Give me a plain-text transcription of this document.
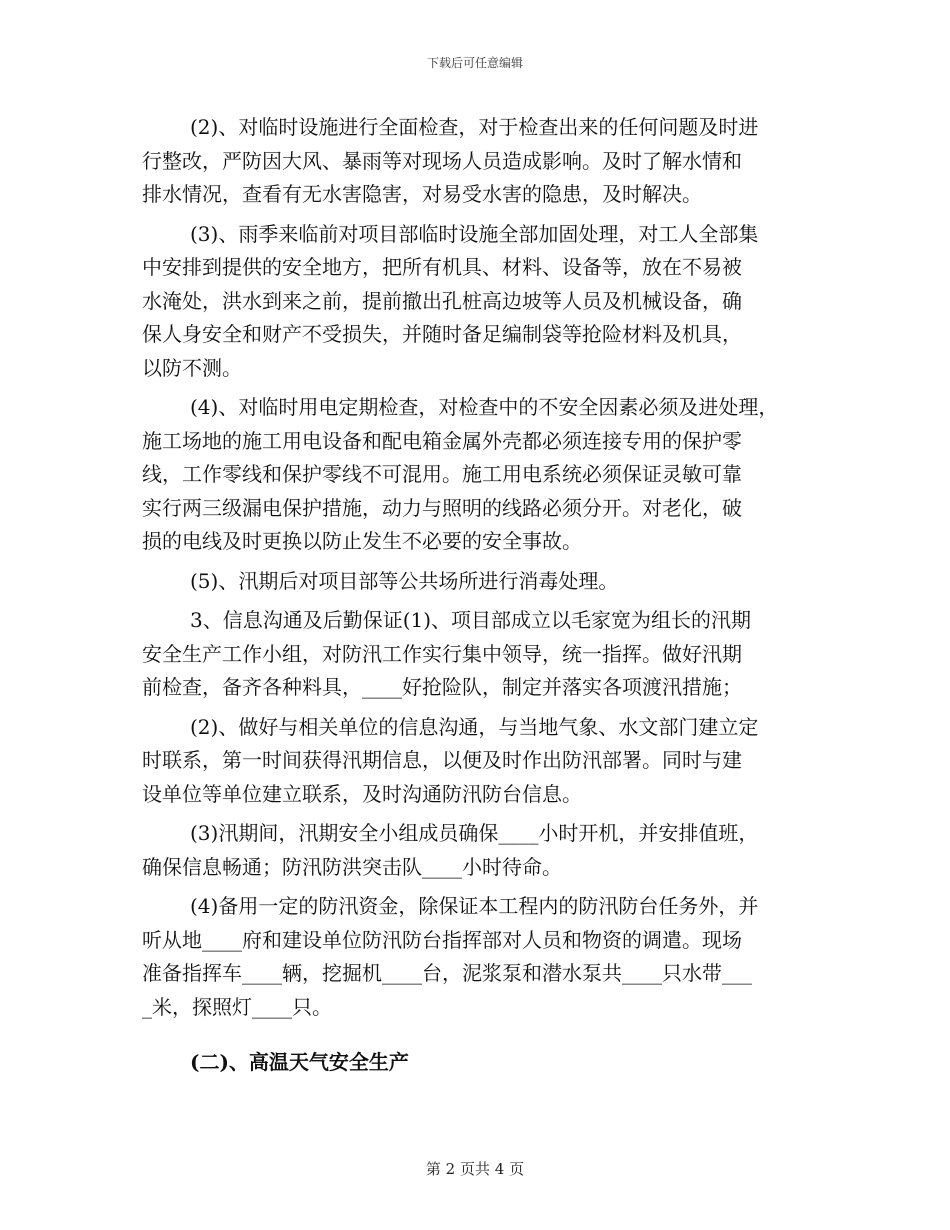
下载后可任意编辑
(2)、对临时设施进行全面检查，对于检查出来的任何问题及时进
行整改，严防因大风、暴雨等对现场人员造成影响。及时了解水情和
排水情况，查看有无水害隐害，对易受水害的隐患，及时解决。
(3)、雨季来临前对项目部临时设施全部加固处理，对工人全部集
中安排到提供的安全地方，把所有机具、材料、设备等，放在不易被
水淹处，洪水到来之前，提前撤出孔桩高边坡等人员及机械设备，确
保人身安全和财产不受损失，并随时备足编制袋等抢险材料及机具，
以防不测。
(4)、对临时用电定期检查，对检查中的不安全因素必须及进处理，
施工场地的施工用电设备和配电箱金属外壳都必须连接专用的保护零
线，工作零线和保护零线不可混用。施工用电系统必须保证灵敏可靠
实行两三级漏电保护措施，动力与照明的线路必须分开。对老化，破
损的电线及时更换以防止发生不必要的安全事故。
(5)、汛期后对项目部等公共场所进行消毒处理。
3、信息沟通及后勤保证(1)、项目部成立以毛家宽为组长的汛期
安全生产工作小组，对防汛工作实行集中领导，统一指挥。做好汛期
前检查，备齐各种料具，____好抢险队，制定并落实各项渡汛措施；
(2)、做好与相关单位的信息沟通，与当地气象、水文部门建立定
时联系，第一时间获得汛期信息，以便及时作出防汛部署。同时与建
设单位等单位建立联系，及时沟通防汛防台信息。
(3)汛期间，汛期安全小组成员确保____小时开机，并安排值班，
确保信息畅通；防汛防洪突击队____小时待命。
(4)备用一定的防汛资金，除保证本工程内的防汛防台任务外，并
听从地____府和建设单位防汛防台指挥部对人员和物资的调遣。现场
准备指挥车____辆，挖掘机____台，泥浆泵和潜水泵共____只水带___
_米，探照灯____只。
(二)、高温天气安全生产
第 2 页共 4 页
